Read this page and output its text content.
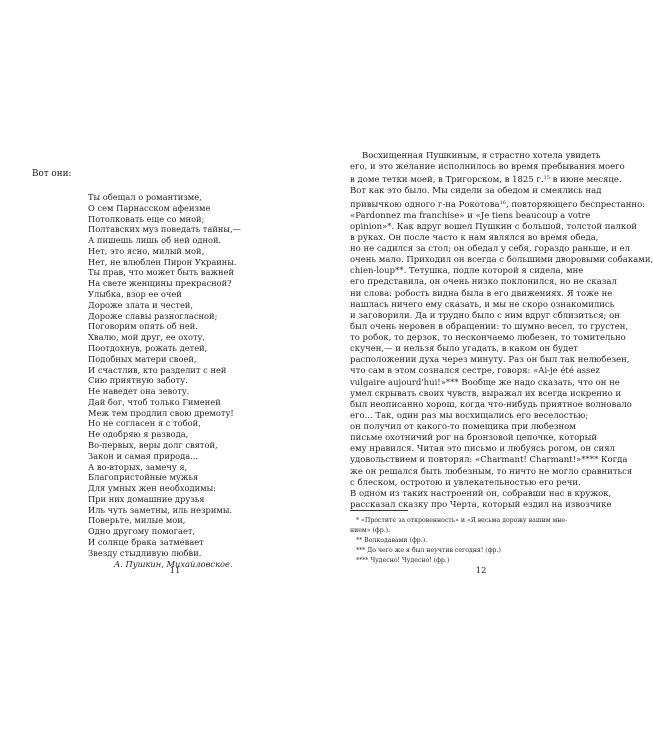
Вот они:
Ты обещал о романтизме,
О сем Парнасском афеизме
Потолковать еще со мной;
Полтавских муз поведать тайны,—
А пишешь лишь об ней одной.
Нет, это ясно, милый мой,
Нет, не влюблен Пирон Украины.
Ты прав, что может быть важней
На свете женщины прекрасной?
Улыбка, взор ее очей
Дороже злата и честей,
Дороже славы разногласной;
Поговорим опять об ней.
Хвалю, мой друг, ее охоту,
Поотдохнув, рожать детей,
Подобных матери своей,
И счастлив, кто разделит с ней
Сию приятную заботу.
Не наведет она зевоту.
Дай бог, чтоб только Гименей
Меж тем продлил свою дремоту!
Но не согласен я с тобой,
Не одобряю я развода,
Во-первых, веры долг святой,
Закон и самая природа...
А во-вторых, замечу я,
Благопристойные мужья
Для умных жен необходимы:
При них домашние друзья
Иль чуть заметны, иль незримы.
Поверьте, милые мои,
Одно другому помогает,
И солнце брака затмевает
Звезду стыдливую любви.
А. Пушкин, Михайловское.
11
Восхищенная Пушкиным, я страстно хотела увидеть
его, и это желание исполнилось во время пребывания моего
в доме тетки моей, в Тригорском, в 1825 г.$^{15}$ в июне месяце.
Вот как это было. Мы сидели за обедом и смеялись над
привычкою одного г-на Рокотова$^{16}$, повторяющего беспрестанно:
«Pardonnez ma franchise» и «Je tiens beaucoup a votre
opinion»*. Как вдруг вошел Пушкин с большой, толстой палкой
в руках. Он после часто к нам являлся во время обеда,
но не садился за стол; он обедал у себя, гораздо раньше, и ел
очень мало. Приходил он всегда с большими дворовыми собаками,
chien-loup**. Тетушка, подле которой я сидела, мне
его представила, он очень низко поклонился, но не сказал
ни слова: робость видна была в его движениях. Я тоже не
нашлась ничего ему сказать, и мы не скоро ознакомились
и заговорили. Да и трудно было с ним вдруг сблизиться; он
был очень неровен в обращении: то шумно весел, то грустен,
то робок, то дерзок, то нескончаемо любезен, то томительно
скучен,— и нельзя было угадать, в каком он будет
расположении духа через минуту. Раз он был так нелюбезен,
что сам в этом сознался сестре, говоря: «Ai-je été assez
vulgaire aujourd'hui!»*** Вообще же надо сказать, что он не
умел скрывать своих чувств, выражал их всегда искренно и
был неописанно хорош, когда что-нибудь приятное волновало
его... Так, один раз мы восхищались его веселостью;
он получил от какого-то помещика при любезном
письме охотничий рог на бронзовой цепочке, который
ему нравился. Читая это письмо и любуясь рогом, он сиял
удовольствием и повторял: «Charmant! Charmant!»**** Когда
же он решался быть любезным, то ничто не могло сравниться
с блеском, остротою и увлекательностью его речи.
В одном из таких настроений он, собравши нас в кружок,
рассказал сказку про Черта, который ездил на извозчике
* «Простите за откровенность» и «Я весьма дорожу вашим мне-
нием» (фр.).
** Волкодавами (фр.).
*** До чего же я был неучтив сегодня! (фр.)
**** Чудесно! Чудесно! (фр.)
12
